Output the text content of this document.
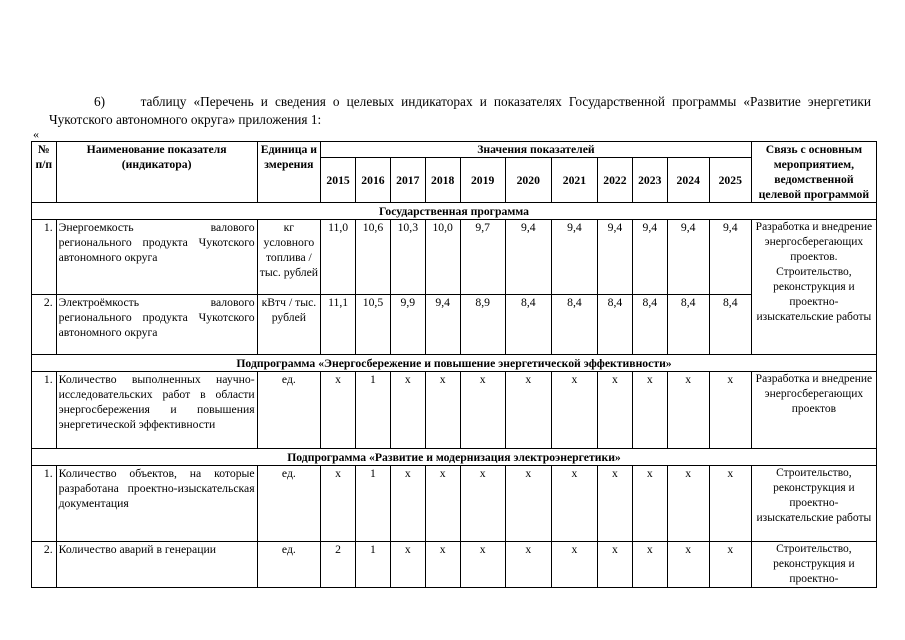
6)     таблицу «Перечень и сведения о целевых индикаторах и показателях Государственной программы «Развитие энергетики Чукотского автономного округа» приложения 1:

«
№ п/п	Наименование показателя (индикатора)	Единица измерения	Значения показателей											Связь с основным мероприятием, ведомственной целевой программой
			2015	2016	2017	2018	2019	2020	2021	2022	2023	2024	2025	
Государственная программа														
1.	Энергоемкость валового регионального продукта Чукотского автономного округа	кг условного топлива / тыс. рублей	11,0	10,6	10,3	10,0	9,7	9,4	9,4	9,4	9,4	9,4	9,4	Разработка и внедрение энергосберегающих проектов. Строительство, реконструкция и проектно-изыскательские работы
2.	Электроёмкость валового регионального продукта Чукотского автономного округа	кВтч / тыс. рублей	11,1	10,5	9,9	9,4	8,9	8,4	8,4	8,4	8,4	8,4	8,4	
Подпрограмма «Энергосбережение и повышение энергетической эффективности»														
1.	Количество выполненных научно-исследовательских работ в области энергосбережения и повышения энергетической эффективности	ед.	x	1	x	x	x	x	x	x	x	x	x	Разработка и внедрение энергосберегающих проектов
Подпрограмма «Развитие и модернизация электроэнергетики»														
1.	Количество объектов, на которые разработана проектно-изыскательская документация	ед.	x	1	x	x	x	x	x	x	x	x	x	Строительство, реконструкция и проектно-изыскательские работы
2.	Количество аварий в генерации	ед.	2	1	x	x	x	x	x	x	x	x	x	Строительство, реконструкция и проектно-
